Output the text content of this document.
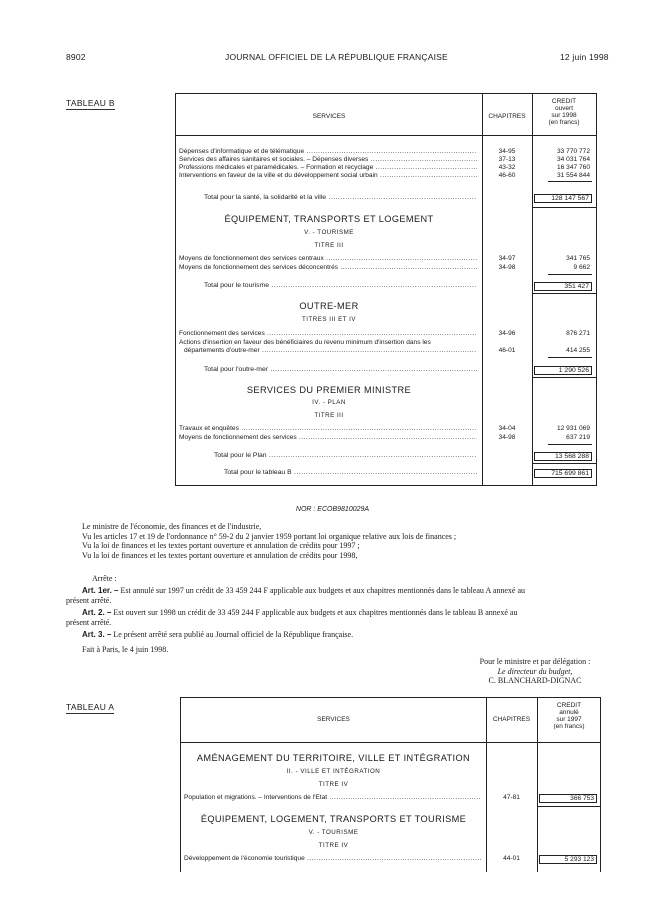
8902	JOURNAL OFFICIEL DE LA RÉPUBLIQUE FRANÇAISE	12 juin 1998
TABLEAU B
SERVICES	CHAPITRES
CREDIT
ouvert
sur 1998
(en francs)
Dépenses d'informatique et de télématique .....	34-95	33 770 772
Services des affaires sanitaires et sociales. – Dépenses diverses .....	37-13	34 031 764
Professions médicales et paramédicales. – Formation et recyclage .....	43-32	16 347 760
Interventions en faveur de la ville et du développement social urbain .....	46-60	31 554 844
Total pour la santé, la solidarité et la ville .....	128 147 567
ÉQUIPEMENT, TRANSPORTS ET LOGEMENT
V. - TOURISME
TITRE III
Moyens de fonctionnement des services centraux .....	34-97	341 765
Moyens de fonctionnement des services déconcentrés .....	34-98	9 662
Total pour le tourisme .....	351 427
OUTRE-MER
TITRES III ET IV
Fonctionnement des services .....	34-96	876 271
Actions d'insertion en faveur des bénéficiaires du revenu minimum d'insertion dans les
départements d'outre-mer .....	46-01	414 255
Total pour l'outre-mer .....	1 290 526
SERVICES DU PREMIER MINISTRE
IV. - PLAN
TITRE III
Travaux et enquêtes .....	34-04	12 931 069
Moyens de fonctionnement des services .....	34-98	637 219
Total pour le Plan .....	13 568 288
Total pour le tableau B .....	715 699 861
NOR : ECOB9810029A
Le ministre de l'économie, des finances et de l'industrie,
Vu les articles 17 et 19 de l'ordonnance n° 59-2 du 2 janvier 1959 portant loi organique relative aux lois de finances ;
Vu la loi de finances et les textes portant ouverture et annulation de crédits pour 1997 ;
Vu la loi de finances et les textes portant ouverture et annulation de crédits pour 1998,
Arrête :
Art. 1er. – Est annulé sur 1997 un crédit de 33 459 244 F applicable aux budgets et aux chapitres mentionnés dans le tableau A annexé au
présent arrêté.
Art. 2. – Est ouvert sur 1998 un crédit de 33 459 244 F applicable aux budgets et aux chapitres mentionnés dans le tableau B annexé au
présent arrêté.
Art. 3. – Le présent arrêté sera publié au Journal officiel de la République française.
Fait à Paris, le 4 juin 1998.
Pour le ministre et par délégation :
Le directeur du budget,
C. BLANCHARD-DIGNAC
TABLEAU A
SERVICES	CHAPITRES
CREDIT
annulé
sur 1997
(en francs)
AMÉNAGEMENT DU TERRITOIRE, VILLE ET INTÉGRATION
II. - VILLE ET INTÉGRATION
TITRE IV
Population et migrations. – Interventions de l'Etat .....	47-81	366 753
ÉQUIPEMENT, LOGEMENT, TRANSPORTS ET TOURISME
V. - TOURISME
TITRE IV
Développement de l'économie touristique .....	44-01	5 293 123
